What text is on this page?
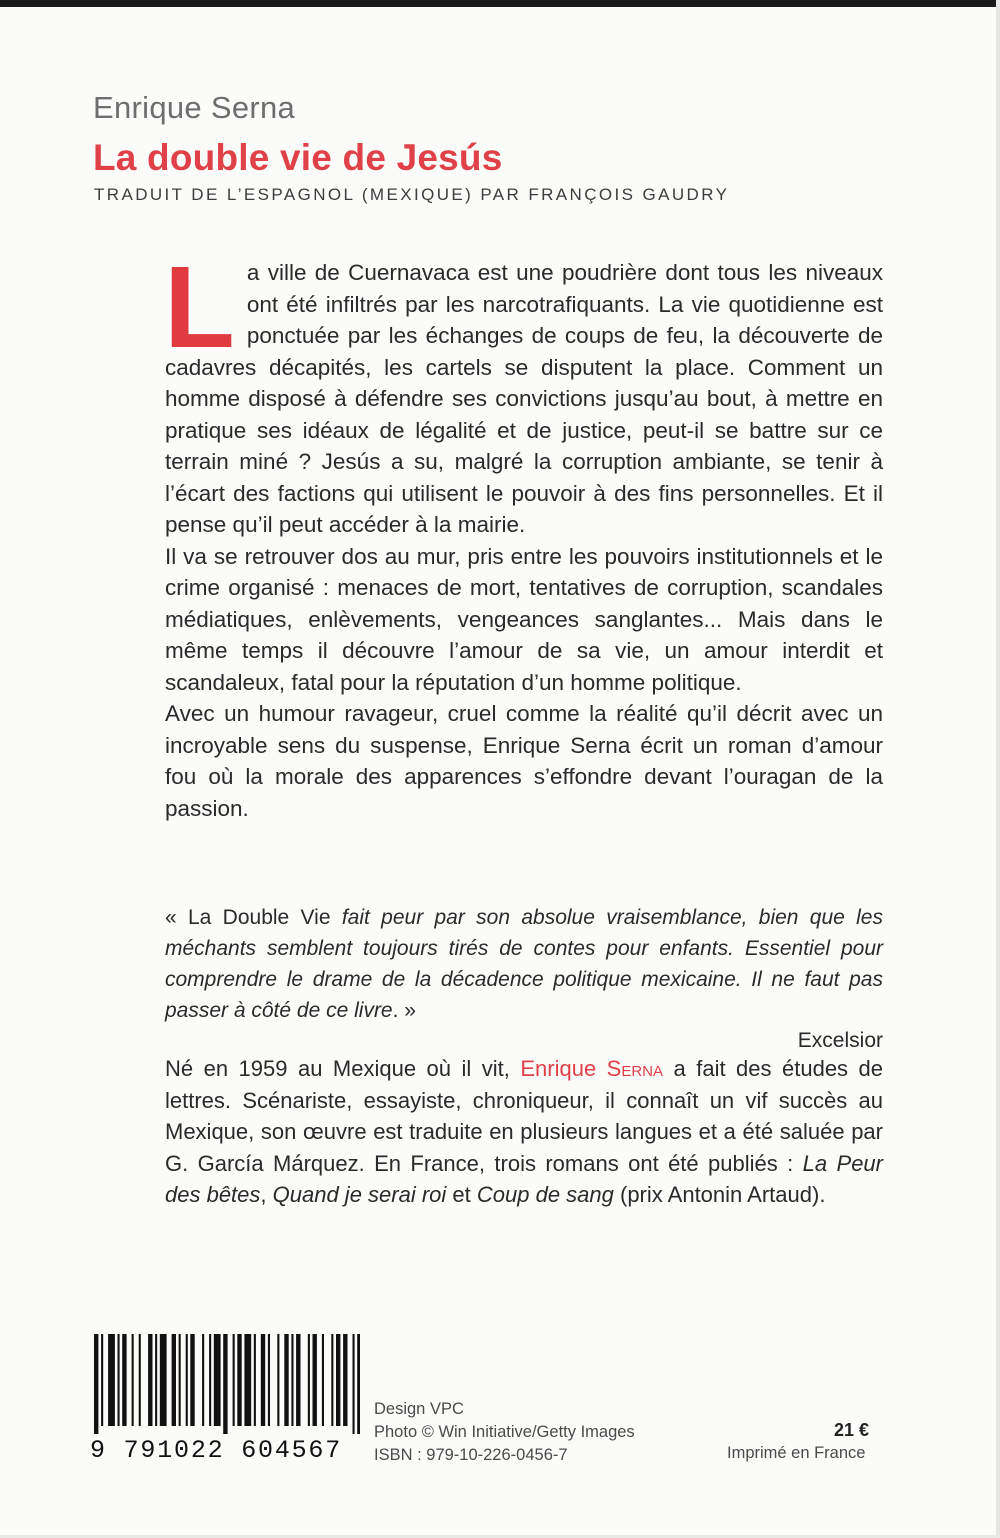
Enrique Serna
La double vie de Jesús
TRADUIT DE L’ESPAGNOL (MEXIQUE) PAR FRANÇOIS GAUDRY

La ville de Cuernavaca est une poudrière dont tous les niveaux ont été infiltrés par les narcotrafiquants. La vie quotidienne est ponctuée par les échanges de coups de feu, la découverte de cadavres décapités, les cartels se disputent la place. Comment un homme disposé à défendre ses convictions jusqu’au bout, à mettre en pratique ses idéaux de légalité et de justice, peut-il se battre sur ce terrain miné ? Jesús a su, malgré la corruption ambiante, se tenir à l’écart des factions qui utilisent le pouvoir à des fins personnelles. Et il pense qu’il peut accéder à la mairie.

Il va se retrouver dos au mur, pris entre les pouvoirs institutionnels et le crime organisé : menaces de mort, tentatives de corruption, scandales médiatiques, enlèvements, vengeances sanglantes... Mais dans le même temps il découvre l’amour de sa vie, un amour interdit et scandaleux, fatal pour la réputation d’un homme politique.

Avec un humour ravageur, cruel comme la réalité qu’il décrit avec un incroyable sens du suspense, Enrique Serna écrit un roman d’amour fou où la morale des apparences s’effondre devant l’ouragan de la passion.

« La Double Vie fait peur par son absolue vraisemblance, bien que les méchants semblent toujours tirés de contes pour enfants. Essentiel pour comprendre le drame de la décadence politique mexicaine. Il ne faut pas passer à côté de ce livre. »
Excelsior
Né en 1959 au Mexique où il vit, Enrique Serna a fait des études de lettres. Scénariste, essayiste, chroniqueur, il connaît un vif succès au Mexique, son œuvre est traduite en plusieurs langues et a été saluée par G. García Márquez. En France, trois romans ont été publiés : La Peur des bêtes, Quand je serai roi et Coup de sang (prix Antonin Artaud).
9 791022 604567
Design VPC
Photo © Win Initiative/Getty Images
ISBN : 979-10-226-0456-7
21 €
Imprimé en France
